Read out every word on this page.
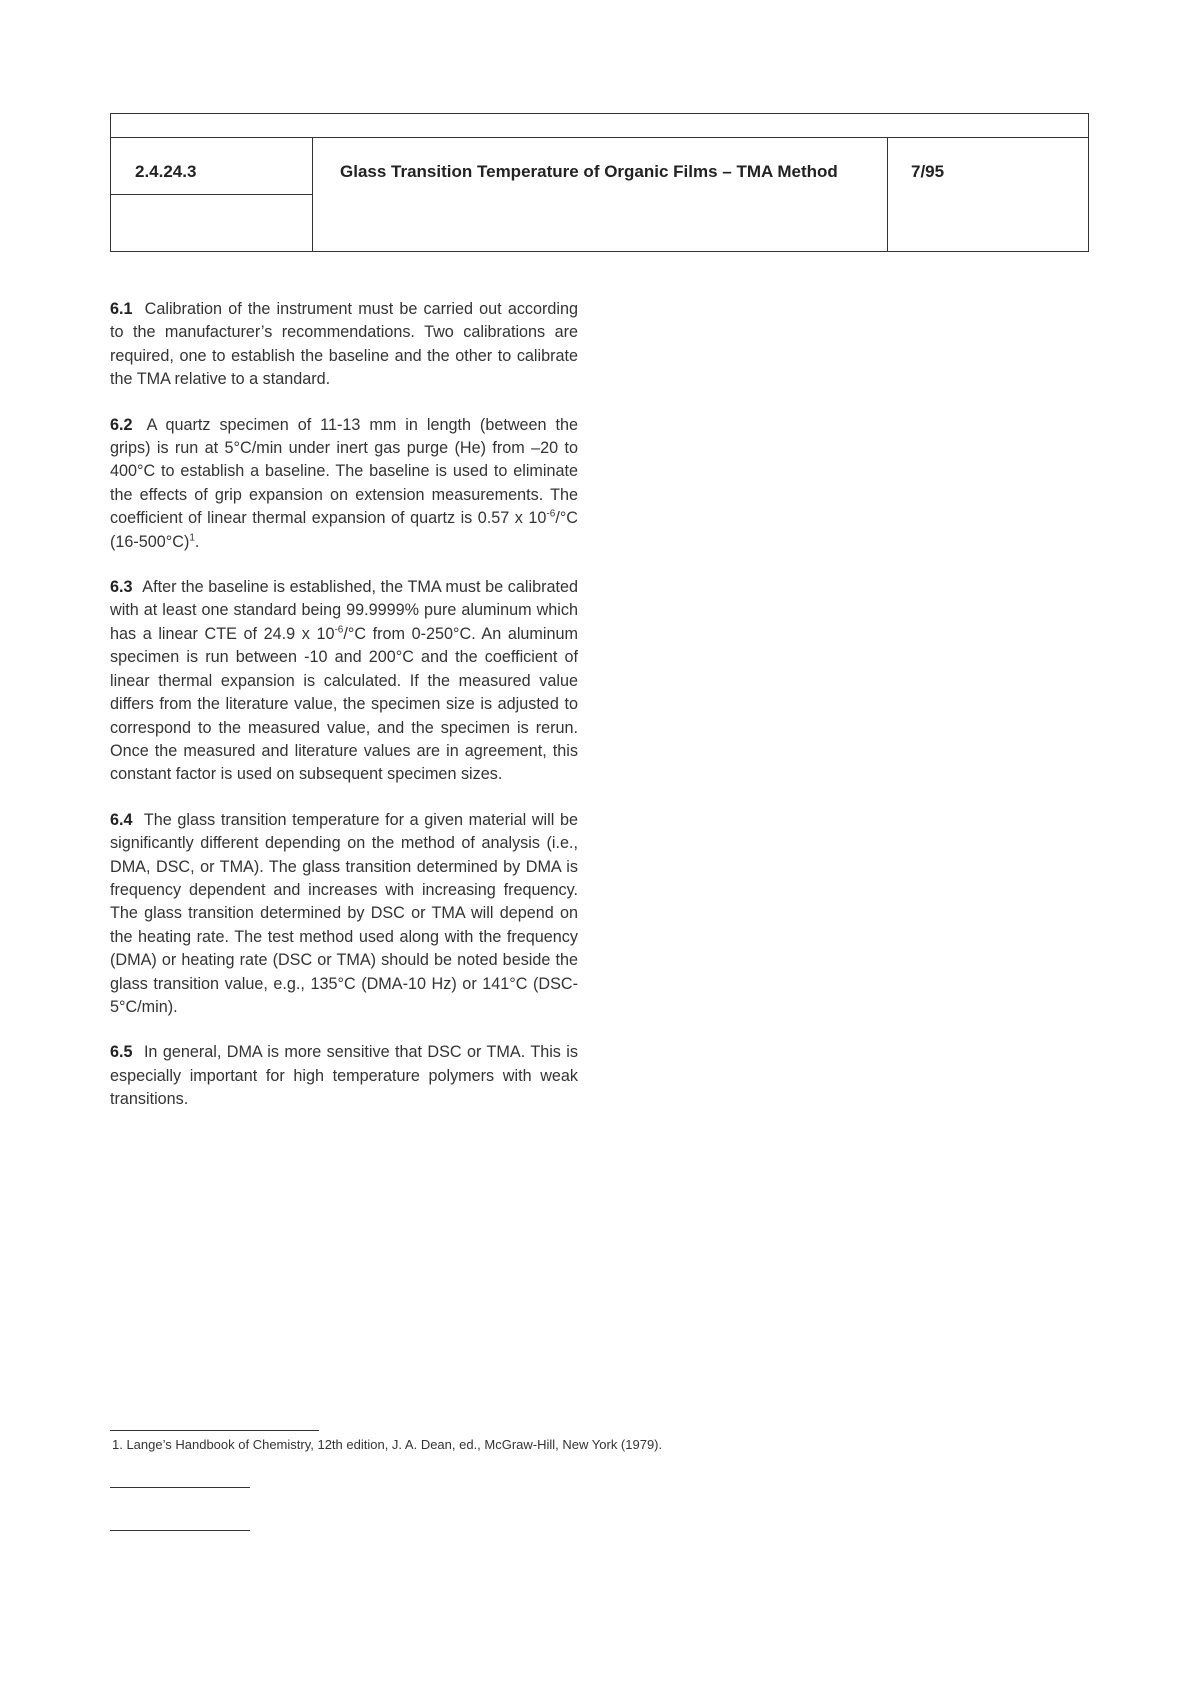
2.4.24.3	Glass Transition Temperature of Organic Films – TMA Method	7/95

6.1 Calibration of the instrument must be carried out according to the manufacturer’s recommendations. Two calibrations are required, one to establish the baseline and the other to calibrate the TMA relative to a standard.

6.2 A quartz specimen of 11-13 mm in length (between the grips) is run at 5°C/min under inert gas purge (He) from –20 to 400°C to establish a baseline. The baseline is used to eliminate the effects of grip expansion on extension measurements. The coefficient of linear thermal expansion of quartz is 0.57 x $10^{-6}/^\circ C$ $(16-500^\circ C)^1$.

6.3 After the baseline is established, the TMA must be calibrated with at least one standard being 99.9999% pure aluminum which has a linear CTE of 24.9 x $10^{-6}/^\circ C$ from 0-250°C. An aluminum specimen is run between -10 and 200°C and the coefficient of linear thermal expansion is calculated. If the measured value differs from the literature value, the specimen size is adjusted to correspond to the measured value, and the specimen is rerun. Once the measured and literature values are in agreement, this constant factor is used on subsequent specimen sizes.

6.4 The glass transition temperature for a given material will be significantly different depending on the method of analysis (i.e., DMA, DSC, or TMA). The glass transition determined by DMA is frequency dependent and increases with increasing frequency. The glass transition determined by DSC or TMA will depend on the heating rate. The test method used along with the frequency (DMA) or heating rate (DSC or TMA) should be noted beside the glass transition value, e.g., 135°C (DMA-10 Hz) or 141°C (DSC-5°C/min).

6.5 In general, DMA is more sensitive that DSC or TMA. This is especially important for high temperature polymers with weak transitions.

1. Lange’s Handbook of Chemistry, 12th edition, J. A. Dean, ed., McGraw-Hill, New York (1979).
